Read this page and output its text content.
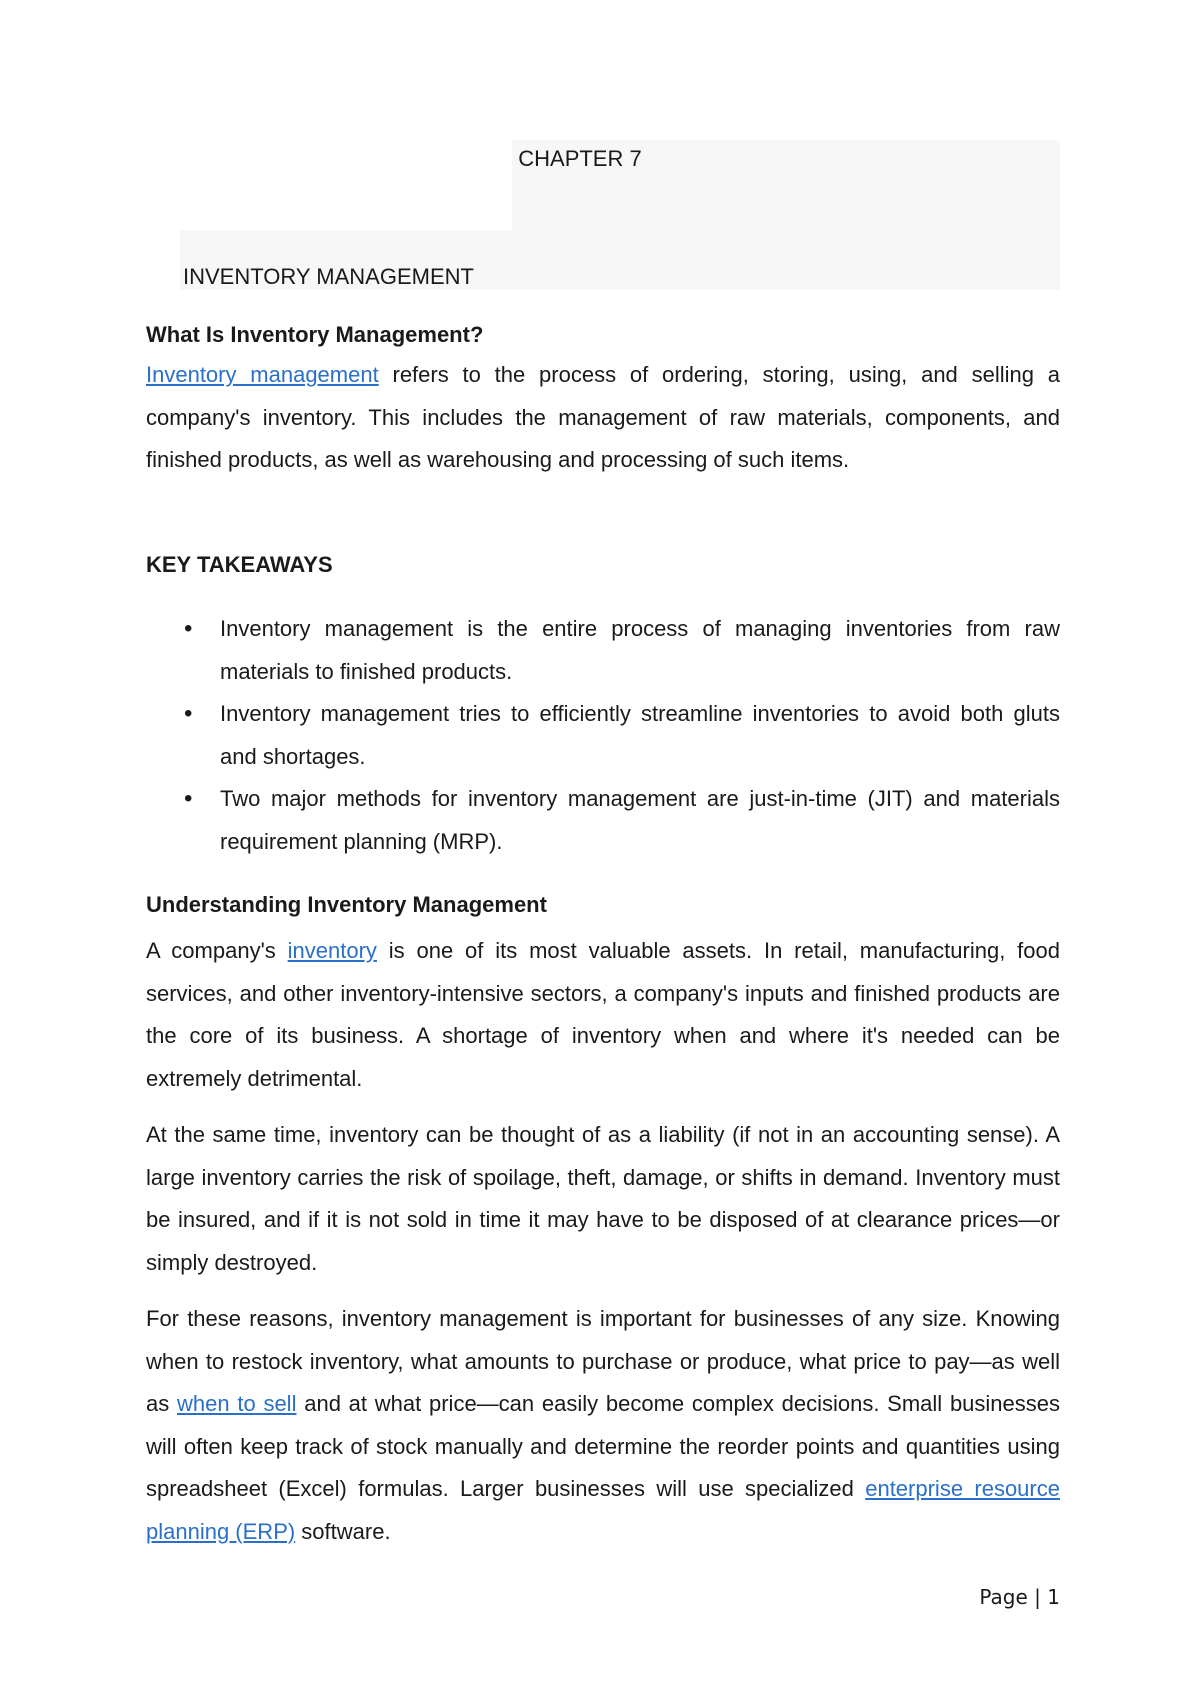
CHAPTER 7
INVENTORY MANAGEMENT
What Is Inventory Management?

Inventory management refers to the process of ordering, storing, using, and selling a company's inventory. This includes the management of raw materials, components, and finished products, as well as warehousing and processing of such items.

KEY TAKEAWAYS
• Inventory management is the entire process of managing inventories from raw materials to finished products.
• Inventory management tries to efficiently streamline inventories to avoid both gluts and shortages.
• Two major methods for inventory management are just-in-time (JIT) and materials requirement planning (MRP).
Understanding Inventory Management

A company's inventory is one of its most valuable assets. In retail, manufacturing, food services, and other inventory-intensive sectors, a company's inputs and finished products are the core of its business. A shortage of inventory when and where it's needed can be extremely detrimental.

At the same time, inventory can be thought of as a liability (if not in an accounting sense). A large inventory carries the risk of spoilage, theft, damage, or shifts in demand. Inventory must be insured, and if it is not sold in time it may have to be disposed of at clearance prices—or simply destroyed.

For these reasons, inventory management is important for businesses of any size. Knowing when to restock inventory, what amounts to purchase or produce, what price to pay—as well as when to sell and at what price—can easily become complex decisions. Small businesses will often keep track of stock manually and determine the reorder points and quantities using spreadsheet (Excel) formulas. Larger businesses will use specialized enterprise resource planning (ERP) software.

Page | 1
